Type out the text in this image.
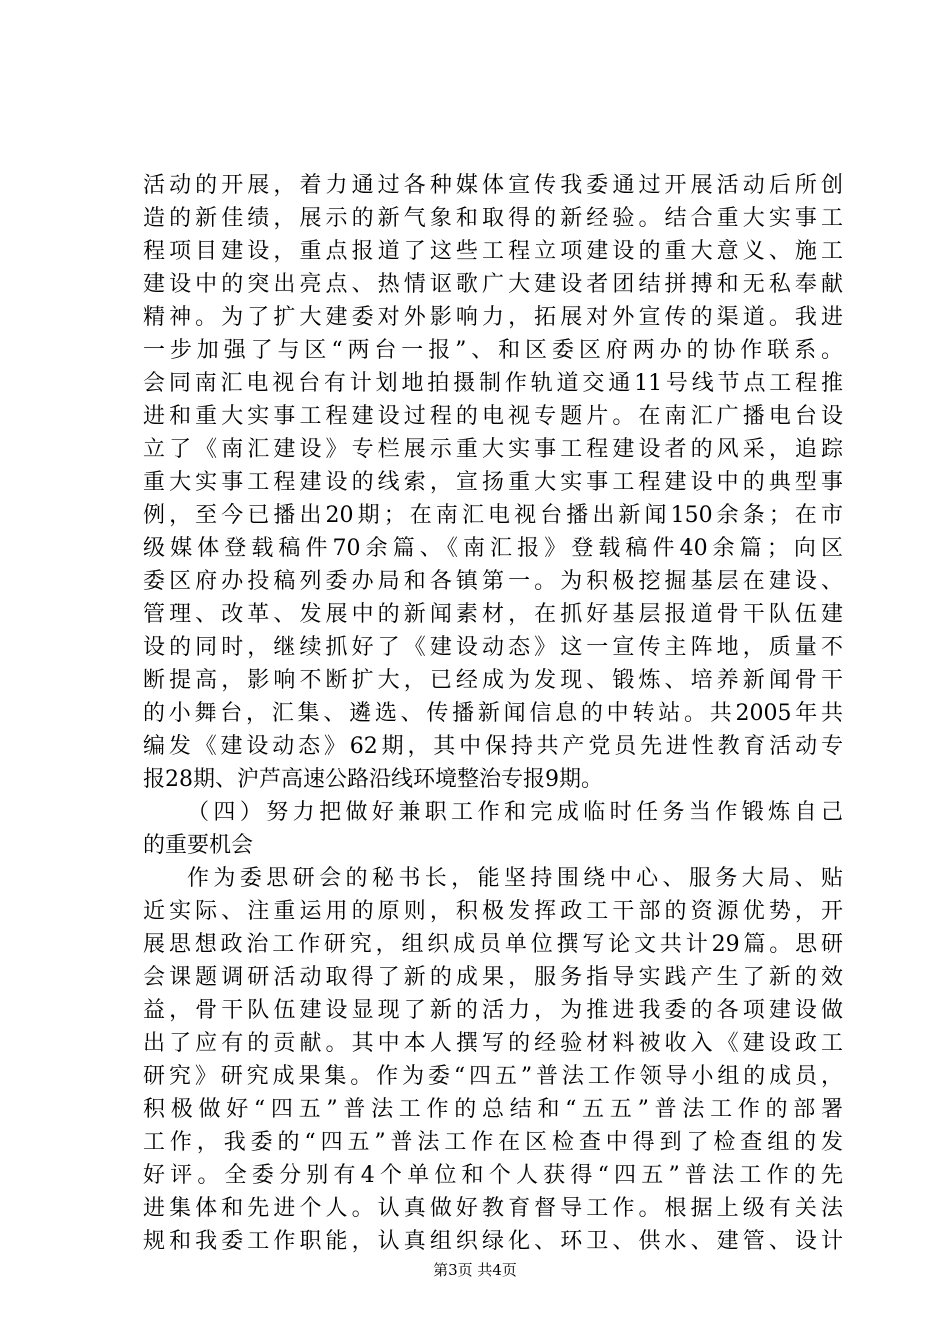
活动的开展，着力通过各种媒体宣传我委通过开展活动后所创
造的新佳绩，展示的新气象和取得的新经验。结合重大实事工
程项目建设，重点报道了这些工程立项建设的重大意义、施工
建设中的突出亮点、热情讴歌广大建设者团结拼搏和无私奉献
精神。为了扩大建委对外影响力，拓展对外宣传的渠道。我进
一步加强了与区“两台一报”、和区委区府两办的协作联系。
会同南汇电视台有计划地拍摄制作轨道交通11号线节点工程推
进和重大实事工程建设过程的电视专题片。在南汇广播电台设
立了《南汇建设》专栏展示重大实事工程建设者的风采，追踪
重大实事工程建设的线索，宣扬重大实事工程建设中的典型事
例，至今已播出20期；在南汇电视台播出新闻150余条；在市
级媒体登载稿件70余篇、《南汇报》登载稿件40余篇；向区
委区府办投稿列委办局和各镇第一。为积极挖掘基层在建设、
管理、改革、发展中的新闻素材，在抓好基层报道骨干队伍建
设的同时，继续抓好了《建设动态》这一宣传主阵地，质量不
断提高，影响不断扩大，已经成为发现、锻炼、培养新闻骨干
的小舞台，汇集、遴选、传播新闻信息的中转站。共2005年共
编发《建设动态》62期，其中保持共产党员先进性教育活动专
报28期、沪芦高速公路沿线环境整治专报9期。
（四）努力把做好兼职工作和完成临时任务当作锻炼自己
的重要机会
作为委思研会的秘书长，能坚持围绕中心、服务大局、贴
近实际、注重运用的原则，积极发挥政工干部的资源优势，开
展思想政治工作研究，组织成员单位撰写论文共计29篇。思研
会课题调研活动取得了新的成果，服务指导实践产生了新的效
益，骨干队伍建设显现了新的活力，为推进我委的各项建设做
出了应有的贡献。其中本人撰写的经验材料被收入《建设政工
研究》研究成果集。作为委“四五”普法工作领导小组的成员，
积极做好“四五”普法工作的总结和“五五”普法工作的部署
工作，我委的“四五”普法工作在区检查中得到了检查组的发
好评。全委分别有4个单位和个人获得“四五”普法工作的先
进集体和先进个人。认真做好教育督导工作。根据上级有关法
规和我委工作职能，认真组织绿化、环卫、供水、建管、设计
第3页 共4页
